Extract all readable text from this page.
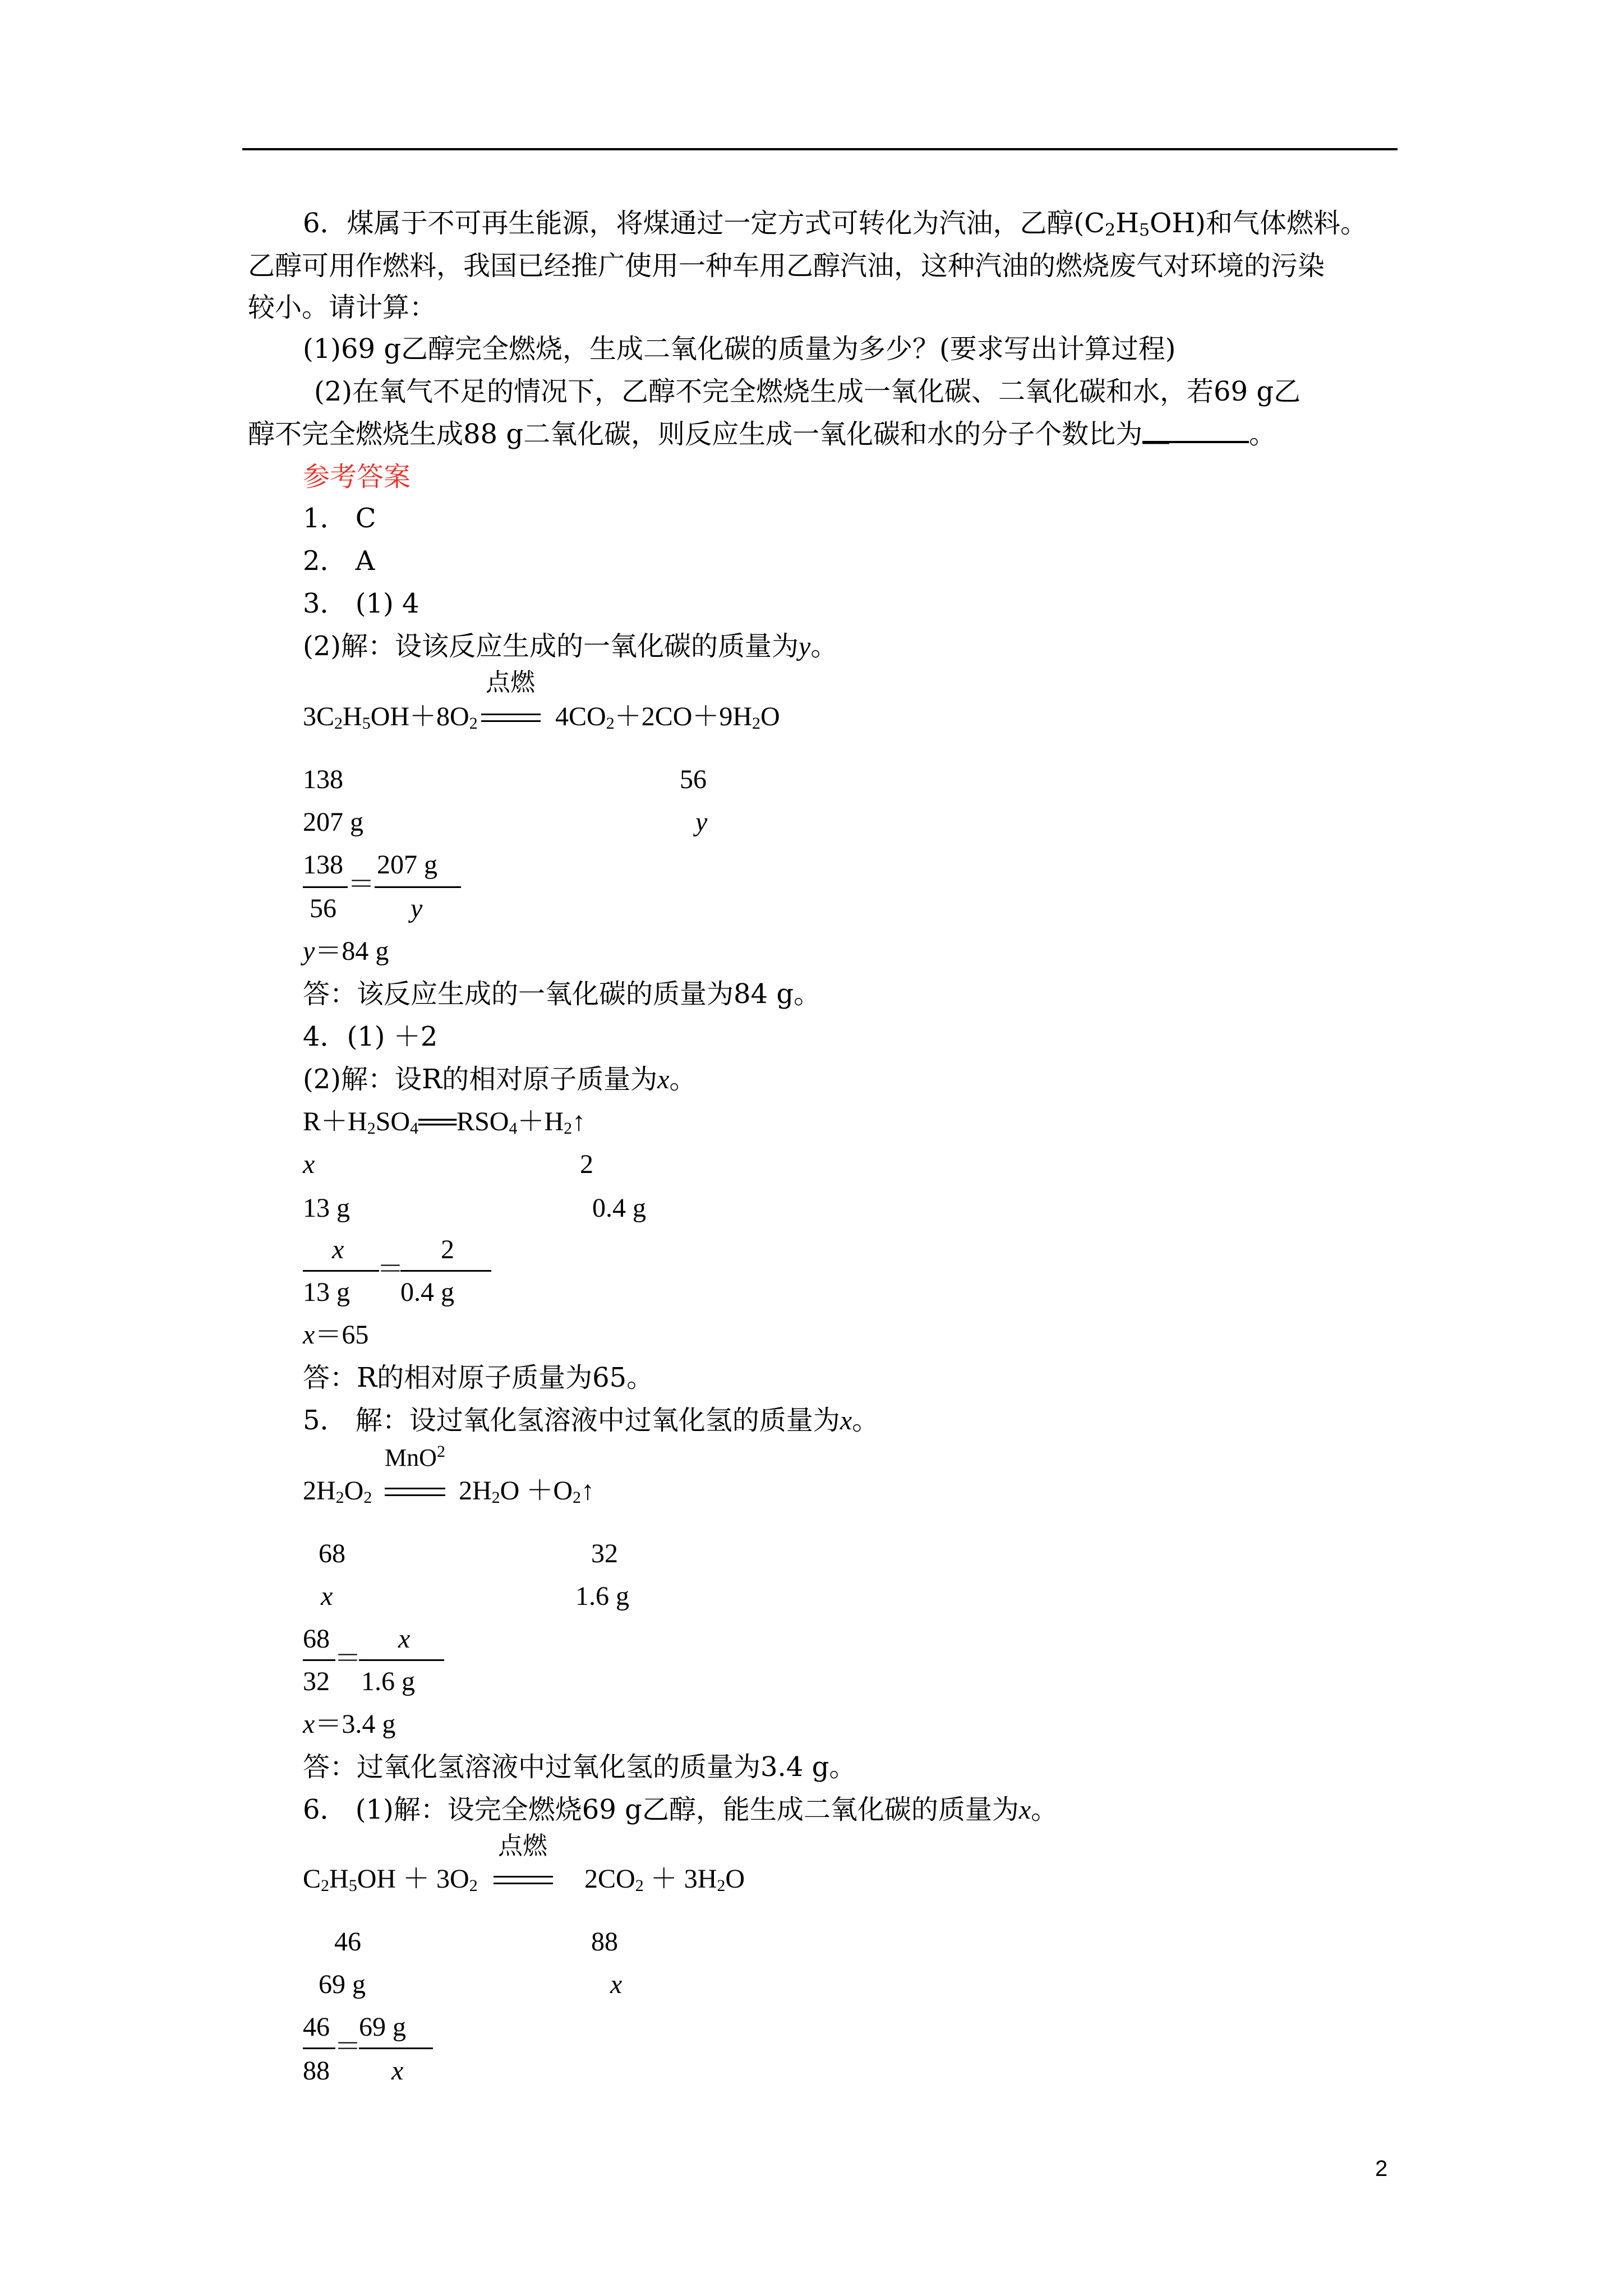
6．煤属于不可再生能源，将煤通过一定方式可转化为汽油，乙醇$(C_2H_5OH)$和气体燃料。
乙醇可用作燃料，我国已经推广使用一种车用乙醇汽油，这种汽油的燃烧废气对环境的污染
较小。请计算：
(1)69 g乙醇完全燃烧，生成二氧化碳的质量为多少？(要求写出计算过程)
(2)在氧气不足的情况下，乙醇不完全燃烧生成一氧化碳、二氧化碳和水，若69 g乙
醇不完全燃烧生成88 g二氧化碳，则反应生成一氧化碳和水的分子个数比为 __	。
参考答案
1． C
2． A
3． (1) 4
(2)解：设该反应生成的一氧化碳的质量为y。
$3C_2H_5OH+8O_2$
点燃
$4CO_2+2CO+9H_2O$
138	56
207 g	y
138
56
＝
207 g
y
y＝84 g
答：该反应生成的一氧化碳的质量为84 g。
4．(1) ＋2
(2)解：设R的相对原子质量为x。
$R+H_2SO_4══RSO_4+H_2↑$
x	2
13 g	0.4 g
x
13 g
＝
2
0.4 g
x＝65
答：R的相对原子质量为65。
5． 解：设过氧化氢溶液中过氧化氢的质量为x。
$2H_2O_2$
MnO$^2$
$2H_2O$ $+O_2↑$
68	32
x	1.6 g
68
32
＝
x
1.6 g
x＝3.4 g
答：过氧化氢溶液中过氧化氢的质量为3.4 g。
6． (1)解：设完全燃烧69 g乙醇，能生成二氧化碳的质量为x。
$C_2H_5OH + 3O_2$
点燃
$2CO_2 + 3H_2O$
46	88
69 g	x
46
88
＝
69 g
x
2
